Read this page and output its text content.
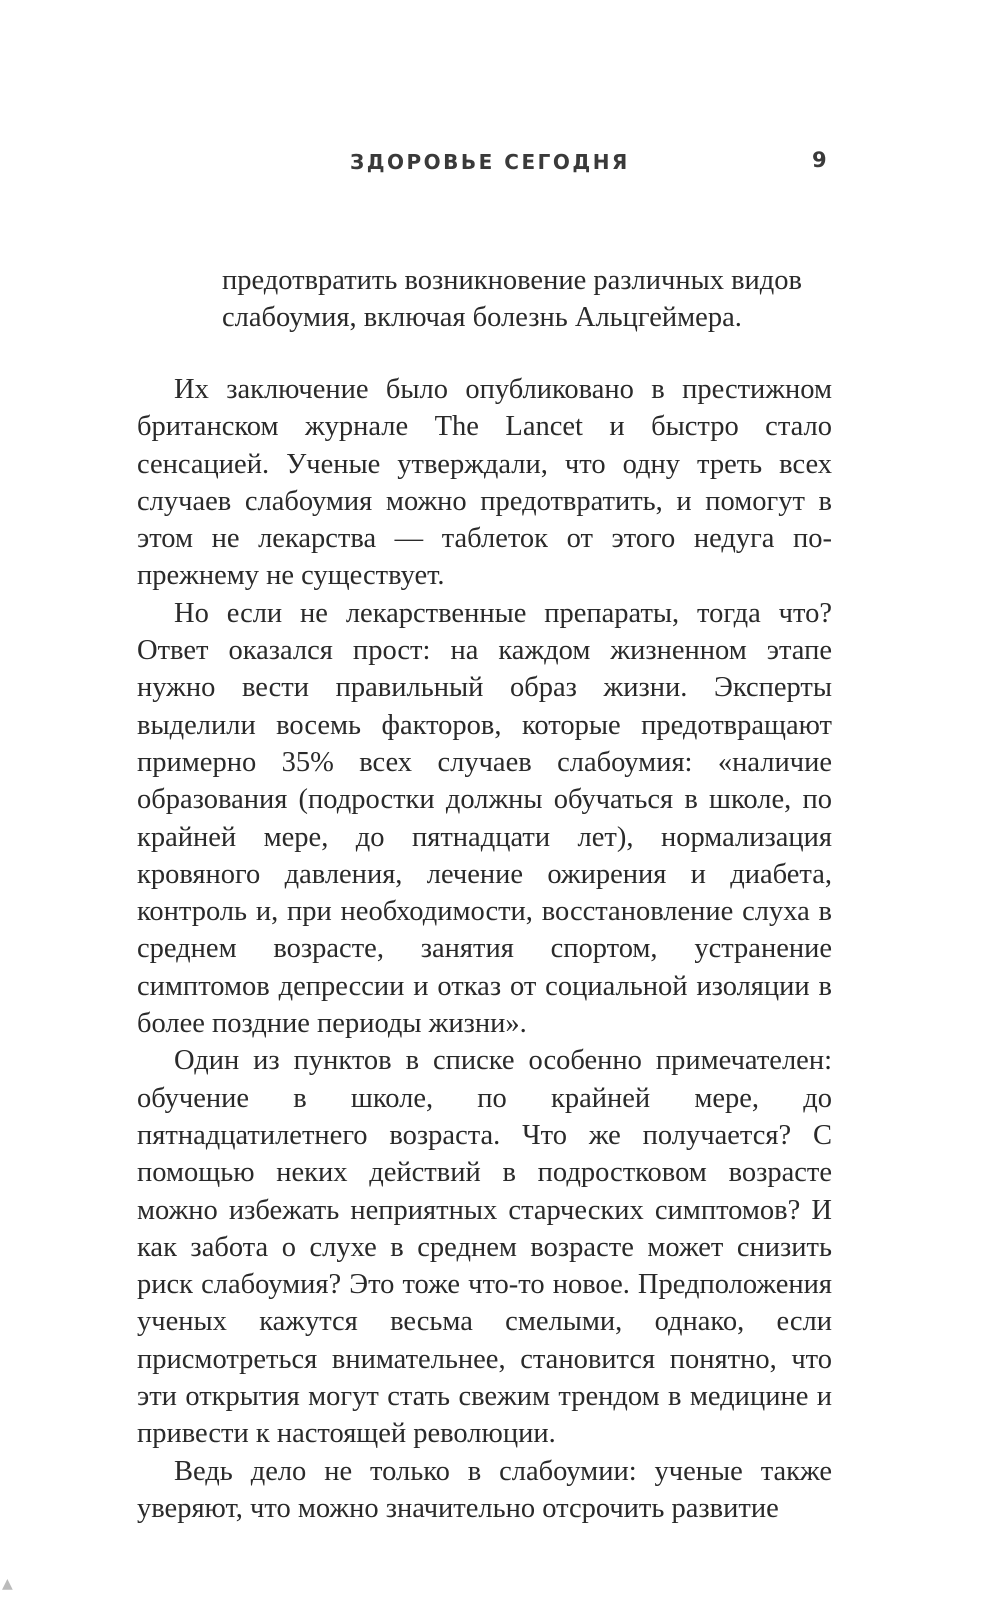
ЗДОРОВЬЕ СЕГОДНЯ	9

предотвратить возникновение различных видов слабоумия, включая болезнь Альцгеймера.

Их заключение было опубликовано в престижном британском журнале The Lancet и быстро стало сенсацией. Ученые утверждали, что одну треть всех случаев слабоумия можно предотвратить, и помогут в этом не лекарства — таблеток от этого недуга по-прежнему не существует.

Но если не лекарственные препараты, тогда что? Ответ оказался прост: на каждом жизненном этапе нужно вести правильный образ жизни. Эксперты выделили восемь факторов, которые предотвращают примерно 35% всех случаев слабоумия: «наличие образования (подростки должны обучаться в школе, по крайней мере, до пятнадцати лет), нормализация кровяного давления, лечение ожирения и диабета, контроль и, при необходимости, восстановление слуха в среднем возрасте, занятия спортом, устранение симптомов депрессии и отказ от социальной изоляции в более поздние периоды жизни».

Один из пунктов в списке особенно примечателен: обучение в школе, по крайней мере, до пятнадцатилетнего возраста. Что же получается? С помощью неких действий в подростковом возрасте можно избежать неприятных старческих симптомов? И как забота о слухе в среднем возрасте может снизить риск слабоумия? Это тоже что-то новое. Предположения ученых кажутся весьма смелыми, однако, если присмотреться внимательнее, становится понятно, что эти открытия могут стать свежим трендом в медицине и привести к настоящей революции.

Ведь дело не только в слабоумии: ученые также уверяют, что можно значительно отсрочить развитие

▲
